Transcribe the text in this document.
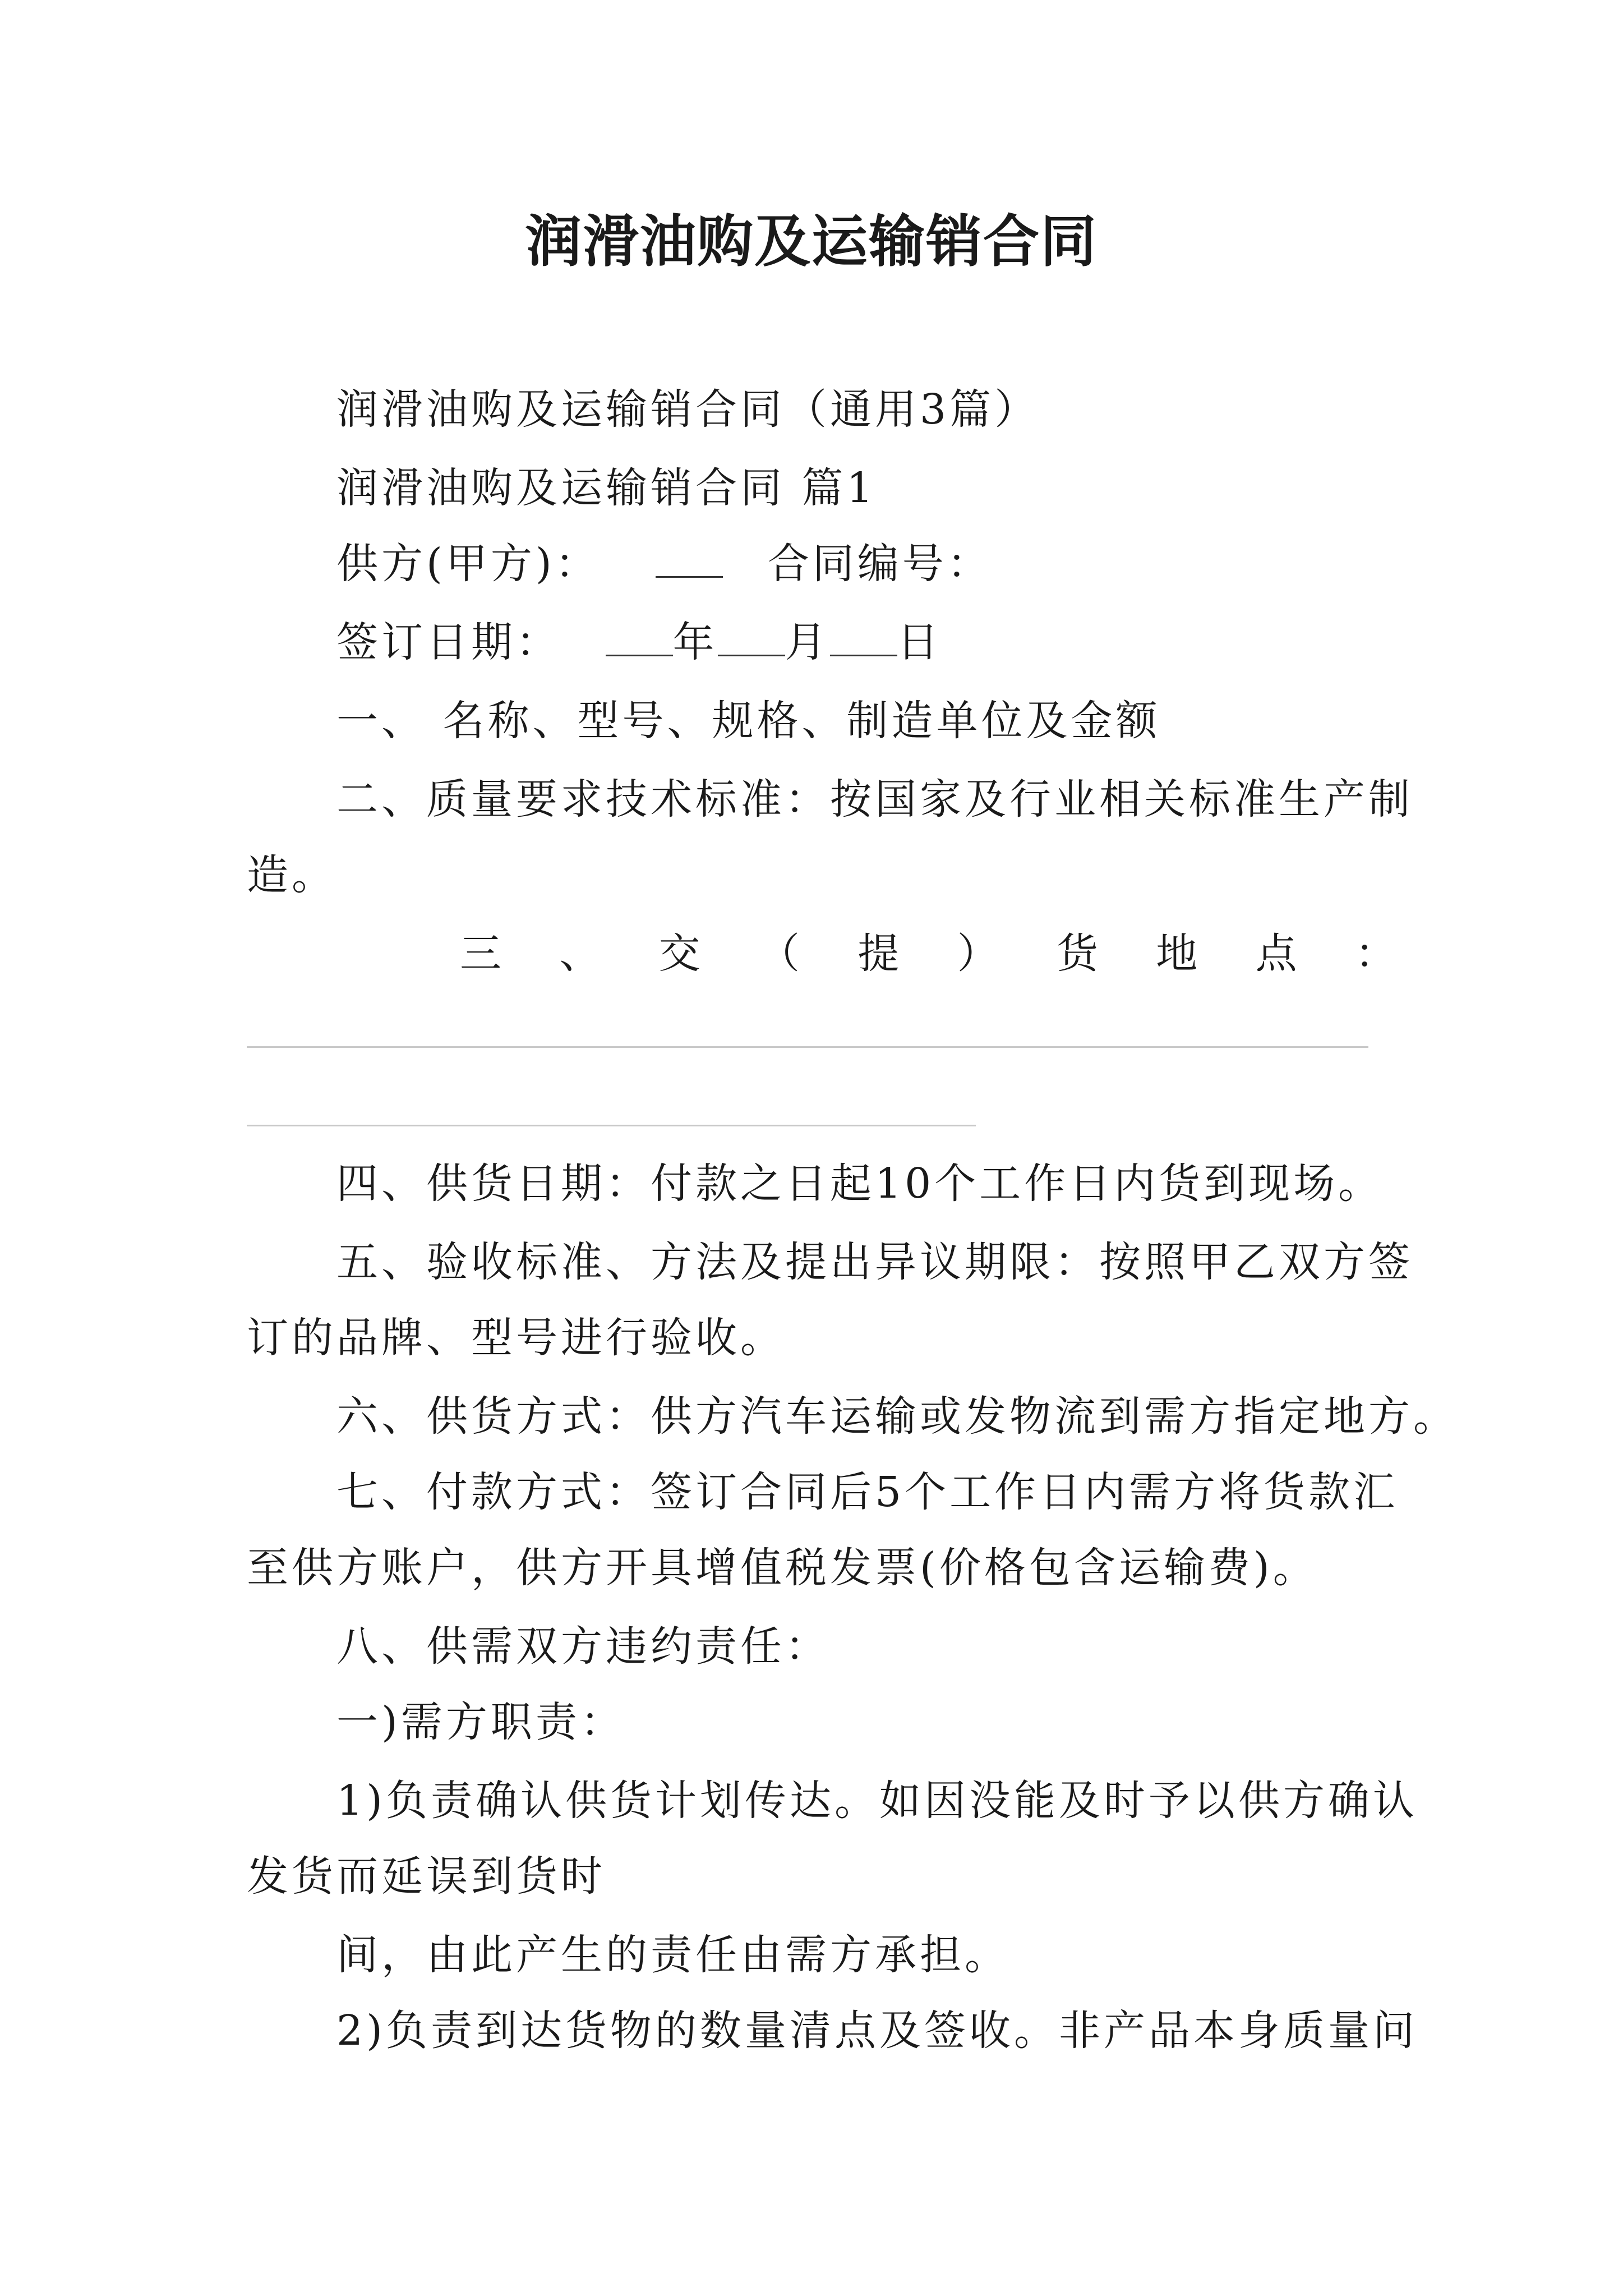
润滑油购及运输销合同
润滑油购及运输销合同（通用3篇）
润滑油购及运输销合同 篇1
供方(甲方)：	合同编号：
签订日期：	年 月 日
一、 名称、型号、规格、制造单位及金额
二、质量要求技术标准：按国家及行业相关标准生产制
造。
三 、 交 （ 提 ） 货 地 点 ：
四、供货日期：付款之日起10个工作日内货到现场。
五、验收标准、方法及提出异议期限：按照甲乙双方签
订的品牌、型号进行验收。
六、供货方式：供方汽车运输或发物流到需方指定地方。
七、付款方式：签订合同后5个工作日内需方将货款汇
至供方账户，供方开具增值税发票(价格包含运输费)。
八、供需双方违约责任：
一)需方职责：
1)负责确认供货计划传达。如因没能及时予以供方确认
发货而延误到货时
间，由此产生的责任由需方承担。
2)负责到达货物的数量清点及签收。非产品本身质量问
